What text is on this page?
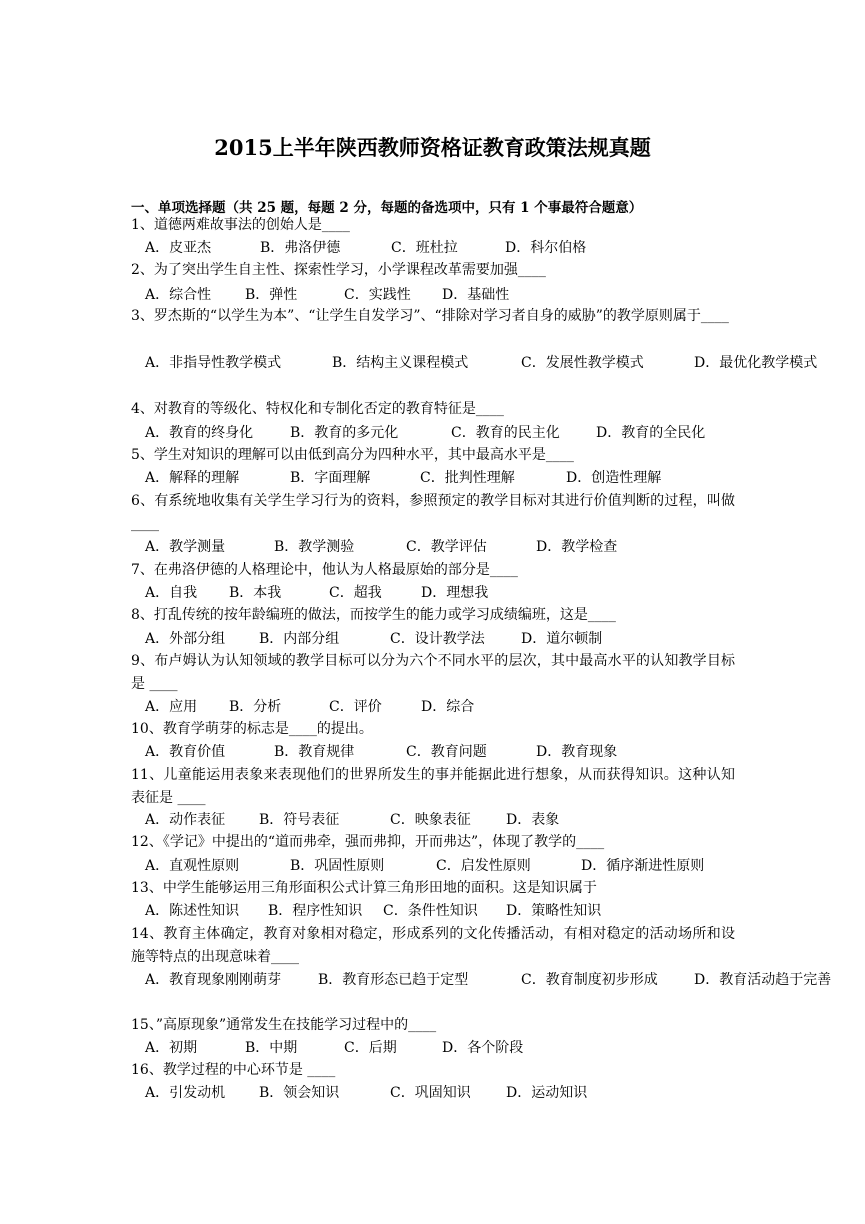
2015上半年陕西教师资格证教育政策法规真题
一、单项选择题（共 25 题，每题 2 分，每题的备选项中，只有 1 个事最符合题意）
1、道德两难故事法的创始人是____
A．皮亚杰	B．弗洛伊德	C．班杜拉	D．科尔伯格
2、为了突出学生自主性、探索性学习，小学课程改革需要加强____
A．综合性 B．弹性	C．实践性 D．基础性
3、罗杰斯的“以学生为本”、“让学生自发学习”、“排除对学习者自身的威胁”的教学原则属于____
A．非指导性教学模式	B．结构主义课程模式	C．发展性教学模式	D．最优化教学模式
4、对教育的等级化、特权化和专制化否定的教育特征是____
A．教育的终身化	B．教育的多元化	C．教育的民主化	D．教育的全民化
5、学生对知识的理解可以由低到高分为四种水平，其中最高水平是____
A．解释的理解	B．字面理解	C．批判性理解	D．创造性理解
6、有系统地收集有关学生学习行为的资料，参照预定的教学目标对其进行价值判断的过程，叫做____
A．教学测量	B．教学测验	C．教学评估	D．教学检查
7、在弗洛伊德的人格理论中，他认为人格最原始的部分是____
A．自我 B．本我	C．超我	D．理想我
8、打乱传统的按年龄编班的做法，而按学生的能力或学习成绩编班，这是____
A．外部分组 B．内部分组	C．设计教学法	D．道尔顿制
9、布卢姆认为认知领域的教学目标可以分为六个不同水平的层次，其中最高水平的认知教学目标是 ____
A．应用 B．分析	C．评价	D．综合
10、教育学萌芽的标志是____的提出。
A．教育价值	B．教育规律	C．教育问题	D．教育现象
11、儿童能运用表象来表现他们的世界所发生的事并能据此进行想象，从而获得知识。这种认知表征是 ____
A．动作表征 B．符号表征	C．映象表征	D．表象
12、《学记》中提出的“道而弗牵，强而弗抑，开而弗达”，体现了教学的____
A．直观性原则	B．巩固性原则	C．启发性原则	D．循序渐进性原则
13、中学生能够运用三角形面积公式计算三角形田地的面积。这是知识属于
A．陈述性知识 B．程序性知识 C．条件性知识 D．策略性知识
14、教育主体确定，教育对象相对稳定，形成系列的文化传播活动，有相对稳定的活动场所和设施等特点的出现意味着____
A．教育现象刚刚萌芽	B．教育形态已趋于定型	C．教育制度初步形成	D．教育活动趋于完善
15、”高原现象”通常发生在技能学习过程中的____
A．初期	B．中期	C．后期	D．各个阶段
16、教学过程的中心环节是 ____
A．引发动机 B．领会知识	C．巩固知识	D．运动知识
